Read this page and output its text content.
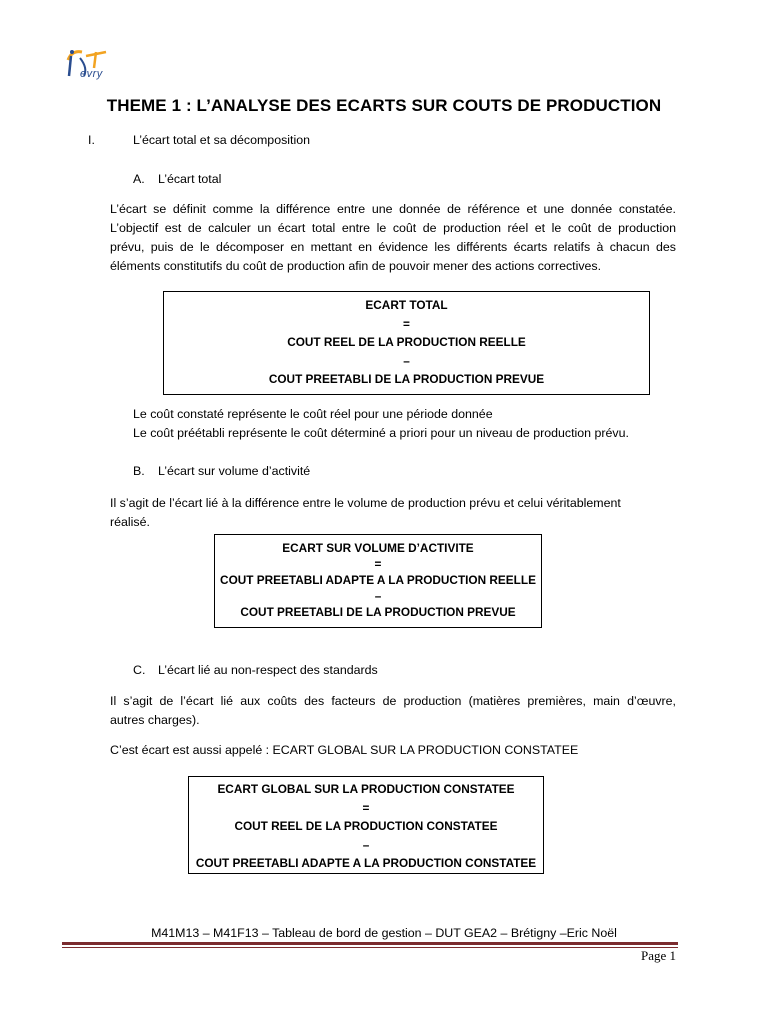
evry
THEME 1 : L’ANALYSE DES ECARTS SUR COUTS DE PRODUCTION
I.	L’écart total et sa décomposition
A. L’écart total

L’écart se définit comme la différence entre une donnée de référence et une donnée constatée.

L’objectif est de calculer un écart total entre le coût de production réel et le coût de production

prévu, puis de le décomposer en mettant en évidence les différents écarts relatifs à chacun des

éléments constitutifs du coût de production afin de pouvoir mener des actions correctives.

ECART TOTAL
=
COUT REEL DE LA PRODUCTION REELLE
–
COUT PREETABLI DE LA PRODUCTION PREVUE
Le coût constaté représente le coût réel pour une période donnée
Le coût préétabli représente le coût déterminé a priori pour un niveau de production prévu.
B. L’écart sur volume d’activité

Il s’agit de l’écart lié à la différence entre le volume de production prévu et celui véritablement

réalisé.

ECART SUR VOLUME D’ACTIVITE
=
COUT PREETABLI ADAPTE A LA PRODUCTION REELLE
–
COUT PREETABLI DE LA PRODUCTION PREVUE
C. L’écart lié au non-respect des standards

Il s’agit de l’écart lié aux coûts des facteurs de production (matières premières, main d’œuvre,

autres charges).

C’est écart est aussi appelé : ECART GLOBAL SUR LA PRODUCTION CONSTATEE
ECART GLOBAL SUR LA PRODUCTION CONSTATEE
=
COUT REEL DE LA PRODUCTION CONSTATEE
–
COUT PREETABLI ADAPTE A LA PRODUCTION CONSTATEE
M41M13 – M41F13 – Tableau de bord de gestion – DUT GEA2 – Brétigny –Eric Noël
Page 1
